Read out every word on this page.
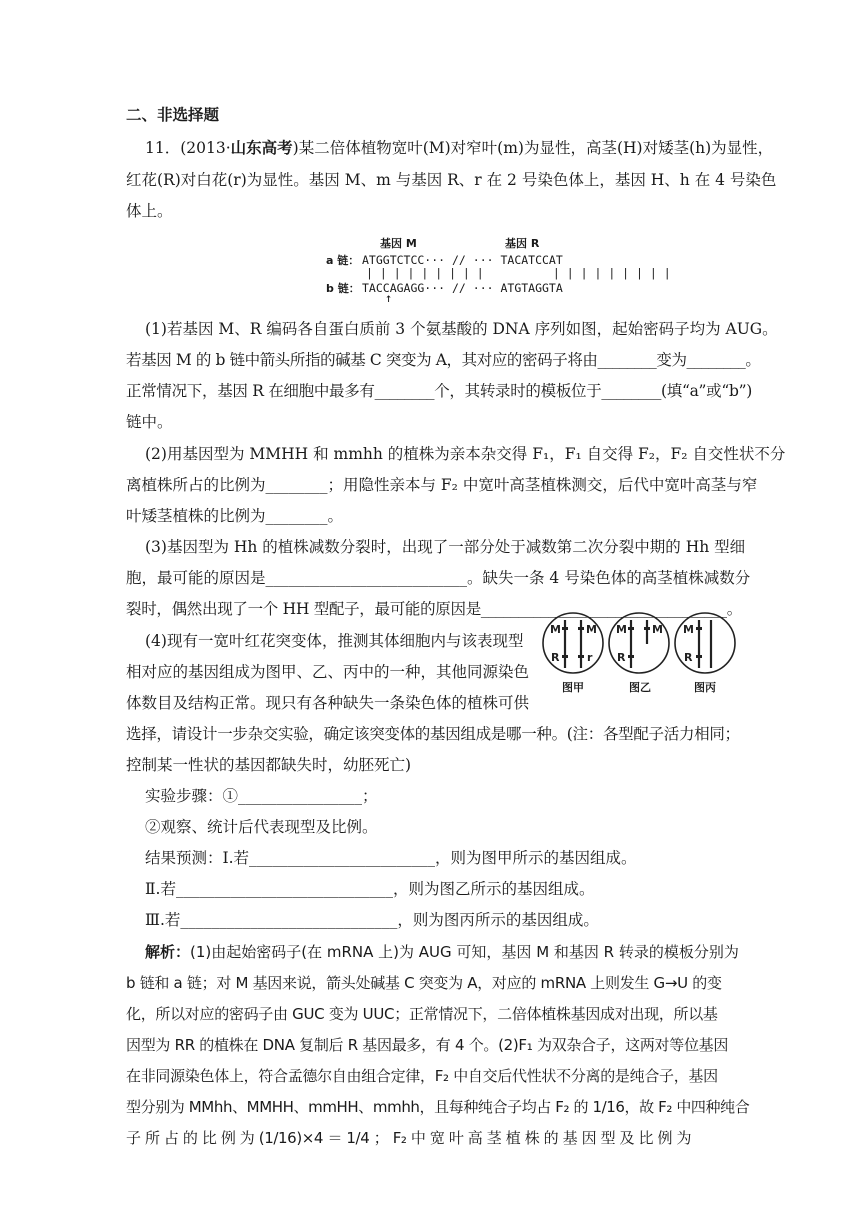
二、非选择题
11．(2013·山东高考)某二倍体植物宽叶(M)对窄叶(m)为显性，高茎(H)对矮茎(h)为显性，
红花(R)对白花(r)为显性。基因 M、m 与基因 R、r 在 2 号染色体上，基因 H、h 在 4 号染色
体上。
基因 M	基因 R
a 链： ATGGTCTCC··· // ··· TACATCCAT
| | | | | | | | |          | | | | | | | | |
b 链： TACCAGAGG··· // ··· ATGTAGGTA
↑
(1)若基因 M、R 编码各自蛋白质前 3 个氨基酸的 DNA 序列如图，起始密码子均为 AUG。
若基因 M 的 b 链中箭头所指的碱基 C 突变为 A，其对应的密码子将由________变为________。
正常情况下，基因 R 在细胞中最多有________个，其转录时的模板位于________(填“a”或“b”)
链中。
(2)用基因型为 MMHH 和 mmhh 的植株为亲本杂交得 F₁，F₁ 自交得 F₂，F₂ 自交性状不分
离植株所占的比例为________；用隐性亲本与 F₂ 中宽叶高茎植株测交，后代中宽叶高茎与窄
叶矮茎植株的比例为________。
(3)基因型为 Hh 的植株减数分裂时，出现了一部分处于减数第二次分裂中期的 Hh 型细
胞，最可能的原因是__________________________。缺失一条 4 号染色体的高茎植株减数分
裂时，偶然出现了一个 HH 型配子，最可能的原因是_________________________________。
(4)现有一宽叶红花突变体，推测其体细胞内与该表现型
相对应的基因组成为图甲、乙、丙中的一种，其他同源染色
体数目及结构正常。现只有各种缺失一条染色体的植株可供
M M
R	r
M M
R
M
R
图甲	图乙	图丙
选择，请设计一步杂交实验，确定该突变体的基因组成是哪一种。(注：各型配子活力相同；
控制某一性状的基因都缺失时，幼胚死亡)
实验步骤：①________________；
②观察、统计后代表现型及比例。
结果预测：Ⅰ.若________________________，则为图甲所示的基因组成。
Ⅱ.若____________________________，则为图乙所示的基因组成。
Ⅲ.若____________________________，则为图丙所示的基因组成。
解析：(1)由起始密码子(在 mRNA 上)为 AUG 可知，基因 M 和基因 R 转录的模板分别为
b 链和 a 链；对 M 基因来说，箭头处碱基 C 突变为 A，对应的 mRNA 上则发生 G→U 的变
化，所以对应的密码子由 GUC 变为 UUC；正常情况下，二倍体植株基因成对出现，所以基
因型为 RR 的植株在 DNA 复制后 R 基因最多，有 4 个。(2)F₁ 为双杂合子，这两对等位基因
在非同源染色体上，符合孟德尔自由组合定律，F₂ 中自交后代性状不分离的是纯合子，基因
型分别为 MMhh、MMHH、mmHH、mmhh，且每种纯合子均占 F₂ 的 1/16，故 F₂ 中四种纯合
子 所 占 的 比 例 为 (1/16)×4 ＝ 1/4 ； F₂ 中 宽 叶 高 茎 植 株 的 基 因 型 及 比 例 为
